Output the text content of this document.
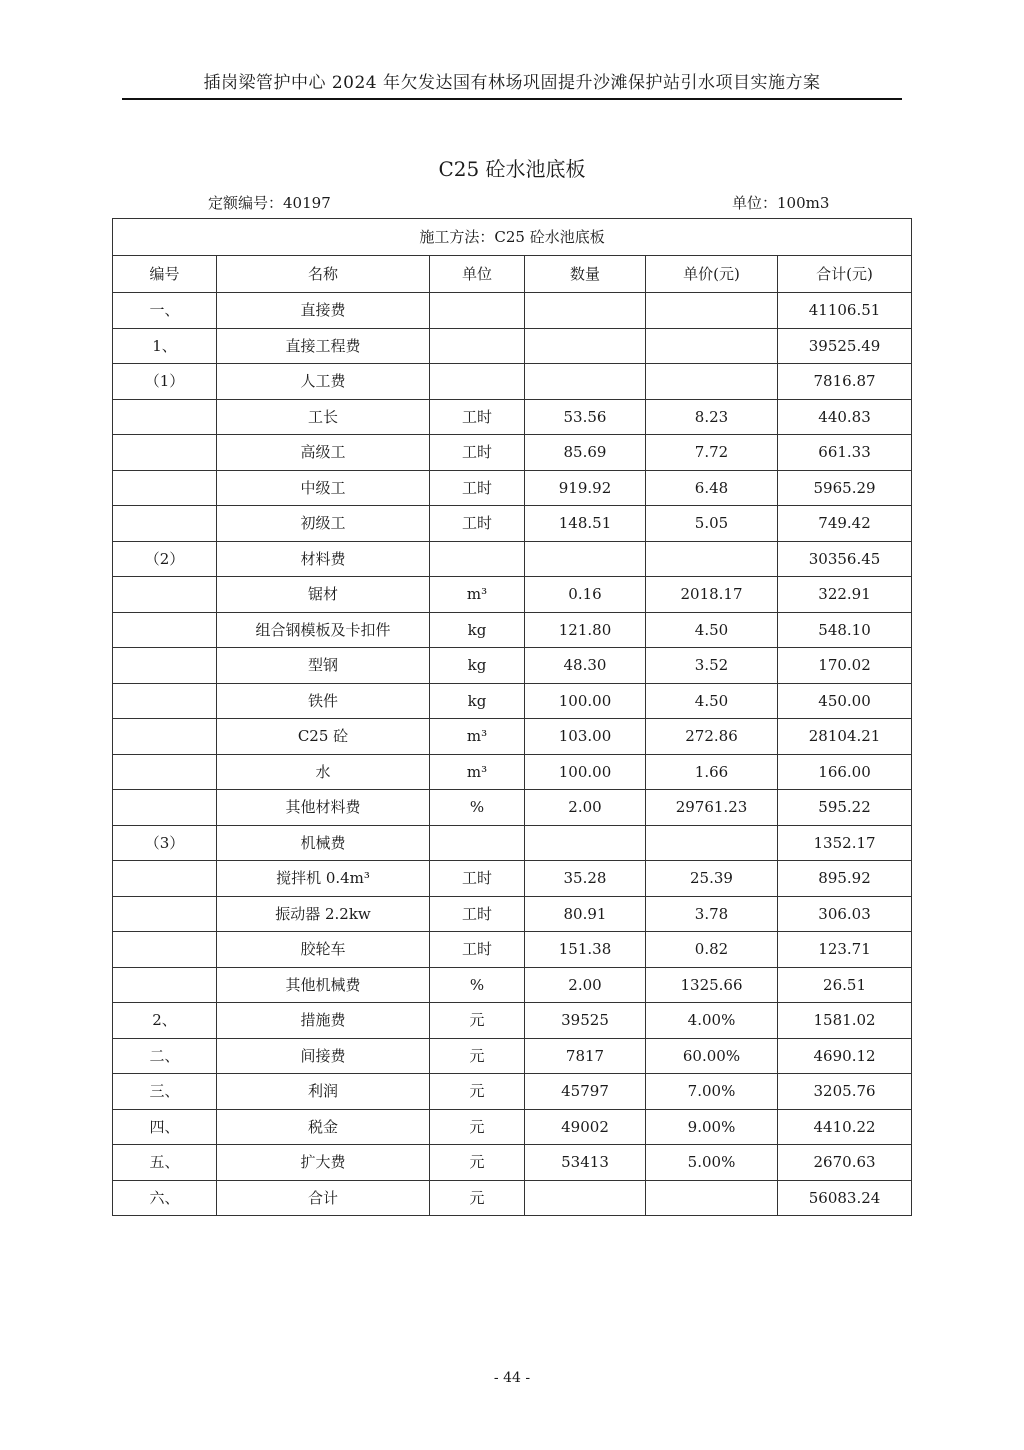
插岗梁管护中心 2024 年欠发达国有林场巩固提升沙滩保护站引水项目实施方案
C25 砼水池底板
定额编号：40197	单位：100m3
施工方法：C25 砼水池底板					
编号	名称	单位	数量	单价(元)	合计(元)
一、	直接费				41106.51
1、	直接工程费				39525.49
（1）	人工费				7816.87
	工长	工时	53.56	8.23	440.83
	高级工	工时	85.69	7.72	661.33
	中级工	工时	919.92	6.48	5965.29
	初级工	工时	148.51	5.05	749.42
（2）	材料费				30356.45
	锯材	m³	0.16	2018.17	322.91
	组合钢模板及卡扣件	kg	121.80	4.50	548.10
	型钢	kg	48.30	3.52	170.02
	铁件	kg	100.00	4.50	450.00
	C25 砼	m³	103.00	272.86	28104.21
	水	m³	100.00	1.66	166.00
	其他材料费	%	2.00	29761.23	595.22
（3）	机械费				1352.17
	搅拌机 0.4m³	工时	35.28	25.39	895.92
	振动器 2.2kw	工时	80.91	3.78	306.03
	胶轮车	工时	151.38	0.82	123.71
	其他机械费	%	2.00	1325.66	26.51
2、	措施费	元	39525	4.00%	1581.02
二、	间接费	元	7817	60.00%	4690.12
三、	利润	元	45797	7.00%	3205.76
四、	税金	元	49002	9.00%	4410.22
五、	扩大费	元	53413	5.00%	2670.63
六、	合计	元			56083.24
- 44 -
